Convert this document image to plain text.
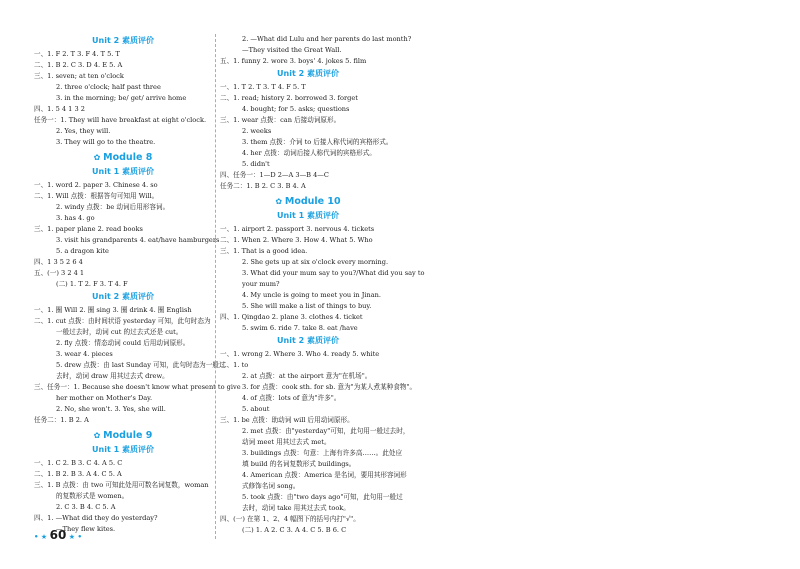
Unit 2 素质评价
一、1. F 2. T 3. F 4. T 5. T
二、1. B 2. C 3. D 4. E 5. A
三、1. seven; at ten o'clock
2. three o'clock; half past three
3. in the morning; be/ get/ arrive home
四、1. 5 4 1 3 2
任务一：1. They will have breakfast at eight o'clock.
2. Yes, they will.
3. They will go to the theatre.
✿ Module 8
Unit 1 素质评价
一、1. word 2. paper 3. Chinese 4. so
二、1. Will 点拨：根据答句可知用 Will。
2. windy 点拨：be 动词后用形容词。
3. has 4. go
三、1. paper plane 2. read books
3. visit his grandparents 4. eat/have hamburgers
5. a dragon kite
四、1 3 5 2 6 4
五、(一) 3 2 4 1
(二) 1. T 2. F 3. T 4. F
Unit 2 素质评价
一、1. 圈 Will 2. 圈 sing 3. 圈 drink 4. 圈 English
二、1. cut 点拨：由时间状语 yesterday 可知，此句时态为
一般过去时，动词 cut 的过去式还是 cut。
2. fly 点拨：情态动词 could 后用动词原形。
3. wear 4. pieces
5. drew 点拨：由 last Sunday 可知，此句时态为一般过
去时，动词 draw 用其过去式 drew。
三、任务一：1. Because she doesn't know what present to give
her mother on Mother's Day.
2. No, she won't. 3. Yes, she will.
任务二：1. B 2. A
✿ Module 9
Unit 1 素质评价
一、1. C 2. B 3. C 4. A 5. C
二、1. B 2. B 3. A 4. C 5. A
三、1. B 点拨：由 two 可知此处用可数名词复数，woman
的复数形式是 women。
2. C 3. B 4. C 5. A
四、1. —What did they do yesterday?
—They flew kites.
2. —What did Lulu and her parents do last month?
—They visited the Great Wall.
五、1. funny 2. wore 3. boys' 4. jokes 5. film
Unit 2 素质评价
一、1. T 2. T 3. T 4. F 5. T
二、1. read; history 2. borrowed 3. forget
4. bought; for 5. asks; questions
三、1. wear 点拨：can 后接动词原形。
2. weeks
3. them 点拨：介词 to 后接人称代词的宾格形式。
4. her 点拨：动词后接人称代词的宾格形式。
5. didn't
四、任务一：1—D 2—A 3—B 4—C
任务二：1. B 2. C 3. B 4. A
✿ Module 10
Unit 1 素质评价
一、1. airport 2. passport 3. nervous 4. tickets
二、1. When 2. Where 3. How 4. What 5. Who
三、1. That is a good idea.
2. She gets up at six o'clock every morning.
3. What did your mum say to you?/What did you say to
your mum?
4. My uncle is going to meet you in Jinan.
5. She will make a list of things to buy.
四、1. Qingdao 2. plane 3. clothes 4. ticket
5. swim 6. ride 7. take 8. eat /have
Unit 2 素质评价
一、1. wrong 2. Where 3. Who 4. ready 5. white
二、1. to
2. at 点拨：at the airport 意为"在机场"。
3. for 点拨：cook sth. for sb. 意为"为某人煮某种食物"。
4. of 点拨：lots of 意为"许多"。
5. about
三、1. be 点拨：助动词 will 后用动词原形。
2. met 点拨：由"yesterday"可知，此句用一般过去时，
动词 meet 用其过去式 met。
3. buildings 点拨：句意：上海有许多高……。此处应
填 build 的名词复数形式 buildings。
4. American 点拨：America 是名词，要用其形容词形
式修饰名词 song。
5. took 点拨：由"two days ago"可知，此句用一般过
去时，动词 take 用其过去式 took。
四、(一) 在第 1、2、4 幅图下的括号内打"√"。
(二) 1. A 2. C 3. A 4. C 5. B 6. C
• ★ 60 ★ •
